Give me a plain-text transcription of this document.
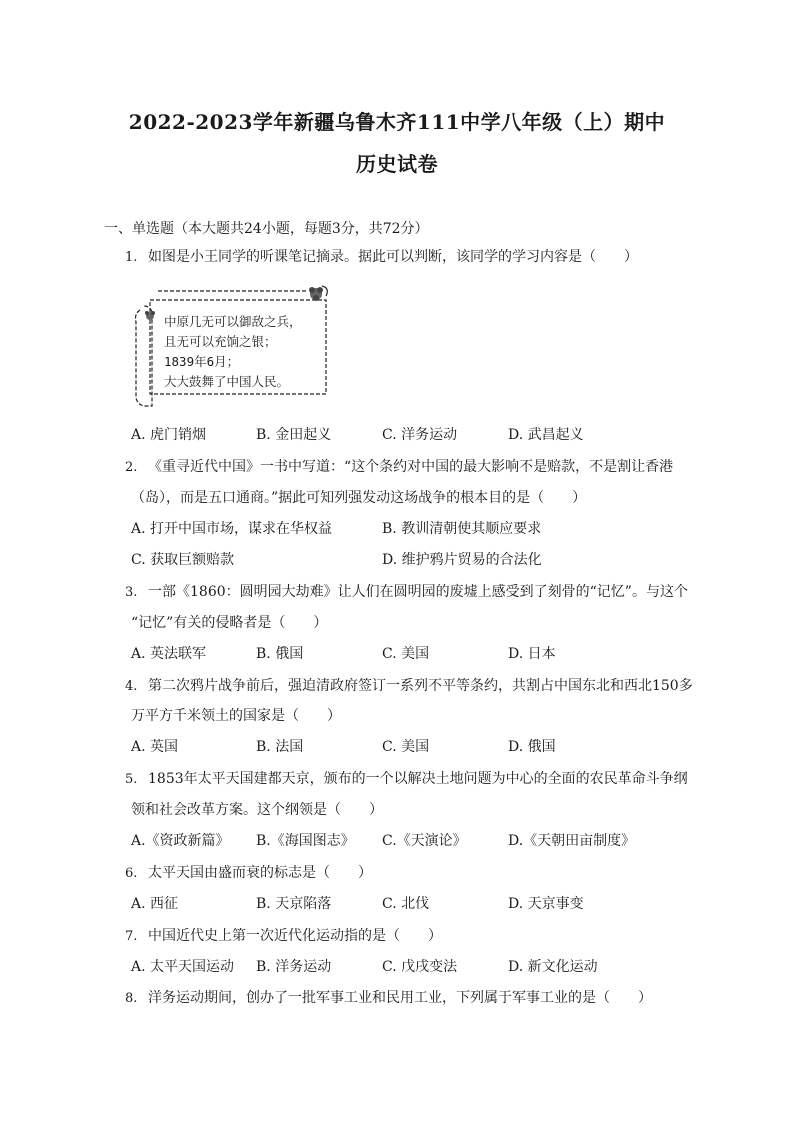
2022-2023学年新疆乌鲁木齐111中学八年级（上）期中
历史试卷
一、单选题（本大题共24小题，每题3分，共72分）
1. 如图是小王同学的听课笔记摘录。据此可以判断，该同学的学习内容是（　　）
中原几无可以御敌之兵，
且无可以充饷之银；
1839年6月；
大大鼓舞了中国人民。
A. 虎门销烟	B. 金田起义	C. 洋务运动	D. 武昌起义
2. 《重寻近代中国》一书中写道：“这个条约对中国的最大影响不是赔款，不是割让香港
（岛），而是五口通商。”据此可知列强发动这场战争的根本目的是（　　）
A. 打开中国市场，谋求在华权益	B. 教训清朝使其顺应要求
C. 获取巨额赔款	D. 维护鸦片贸易的合法化
3. 一部《1860：圆明园大劫难》让人们在圆明园的废墟上感受到了刻骨的“记忆”。与这个
“记忆”有关的侵略者是（　　）
A. 英法联军	B. 俄国	C. 美国	D. 日本
4. 第二次鸦片战争前后，强迫清政府签订一系列不平等条约，共割占中国东北和西北150多
万平方千米领土的国家是（　　）
A. 英国	B. 法国	C. 美国	D. 俄国
5. 1853年太平天国建都天京，颁布的一个以解决土地问题为中心的全面的农民革命斗争纲
领和社会改革方案。这个纲领是（　　）
A.《资政新篇》 B.《海国图志》 C.《天演论》	D.《天朝田亩制度》
6. 太平天国由盛而衰的标志是（　　）
A. 西征	B. 天京陷落	C. 北伐	D. 天京事变
7. 中国近代史上第一次近代化运动指的是（　　）
A. 太平天国运动 B. 洋务运动	C. 戊戌变法	D. 新文化运动
8. 洋务运动期间，创办了一批军事工业和民用工业，下列属于军事工业的是（　　）
